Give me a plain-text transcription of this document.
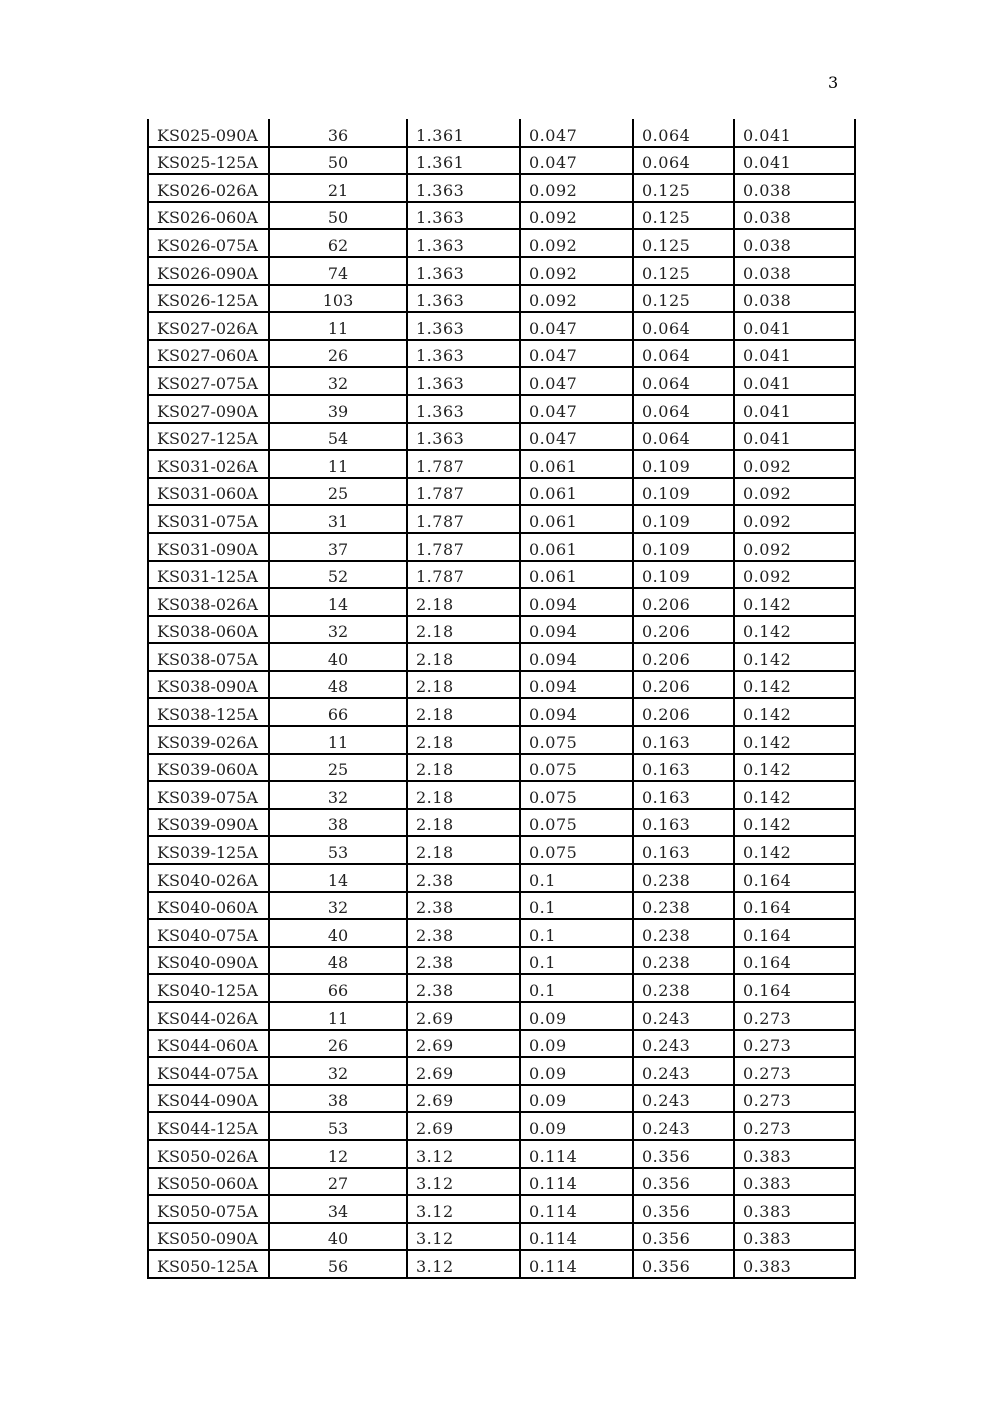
3
KS025-090A	36	1.361	0.047	0.064	0.041
KS025-125A	50	1.361	0.047	0.064	0.041
KS026-026A	21	1.363	0.092	0.125	0.038
KS026-060A	50	1.363	0.092	0.125	0.038
KS026-075A	62	1.363	0.092	0.125	0.038
KS026-090A	74	1.363	0.092	0.125	0.038
KS026-125A	103	1.363	0.092	0.125	0.038
KS027-026A	11	1.363	0.047	0.064	0.041
KS027-060A	26	1.363	0.047	0.064	0.041
KS027-075A	32	1.363	0.047	0.064	0.041
KS027-090A	39	1.363	0.047	0.064	0.041
KS027-125A	54	1.363	0.047	0.064	0.041
KS031-026A	11	1.787	0.061	0.109	0.092
KS031-060A	25	1.787	0.061	0.109	0.092
KS031-075A	31	1.787	0.061	0.109	0.092
KS031-090A	37	1.787	0.061	0.109	0.092
KS031-125A	52	1.787	0.061	0.109	0.092
KS038-026A	14	2.18	0.094	0.206	0.142
KS038-060A	32	2.18	0.094	0.206	0.142
KS038-075A	40	2.18	0.094	0.206	0.142
KS038-090A	48	2.18	0.094	0.206	0.142
KS038-125A	66	2.18	0.094	0.206	0.142
KS039-026A	11	2.18	0.075	0.163	0.142
KS039-060A	25	2.18	0.075	0.163	0.142
KS039-075A	32	2.18	0.075	0.163	0.142
KS039-090A	38	2.18	0.075	0.163	0.142
KS039-125A	53	2.18	0.075	0.163	0.142
KS040-026A	14	2.38	0.1	0.238	0.164
KS040-060A	32	2.38	0.1	0.238	0.164
KS040-075A	40	2.38	0.1	0.238	0.164
KS040-090A	48	2.38	0.1	0.238	0.164
KS040-125A	66	2.38	0.1	0.238	0.164
KS044-026A	11	2.69	0.09	0.243	0.273
KS044-060A	26	2.69	0.09	0.243	0.273
KS044-075A	32	2.69	0.09	0.243	0.273
KS044-090A	38	2.69	0.09	0.243	0.273
KS044-125A	53	2.69	0.09	0.243	0.273
KS050-026A	12	3.12	0.114	0.356	0.383
KS050-060A	27	3.12	0.114	0.356	0.383
KS050-075A	34	3.12	0.114	0.356	0.383
KS050-090A	40	3.12	0.114	0.356	0.383
KS050-125A	56	3.12	0.114	0.356	0.383
